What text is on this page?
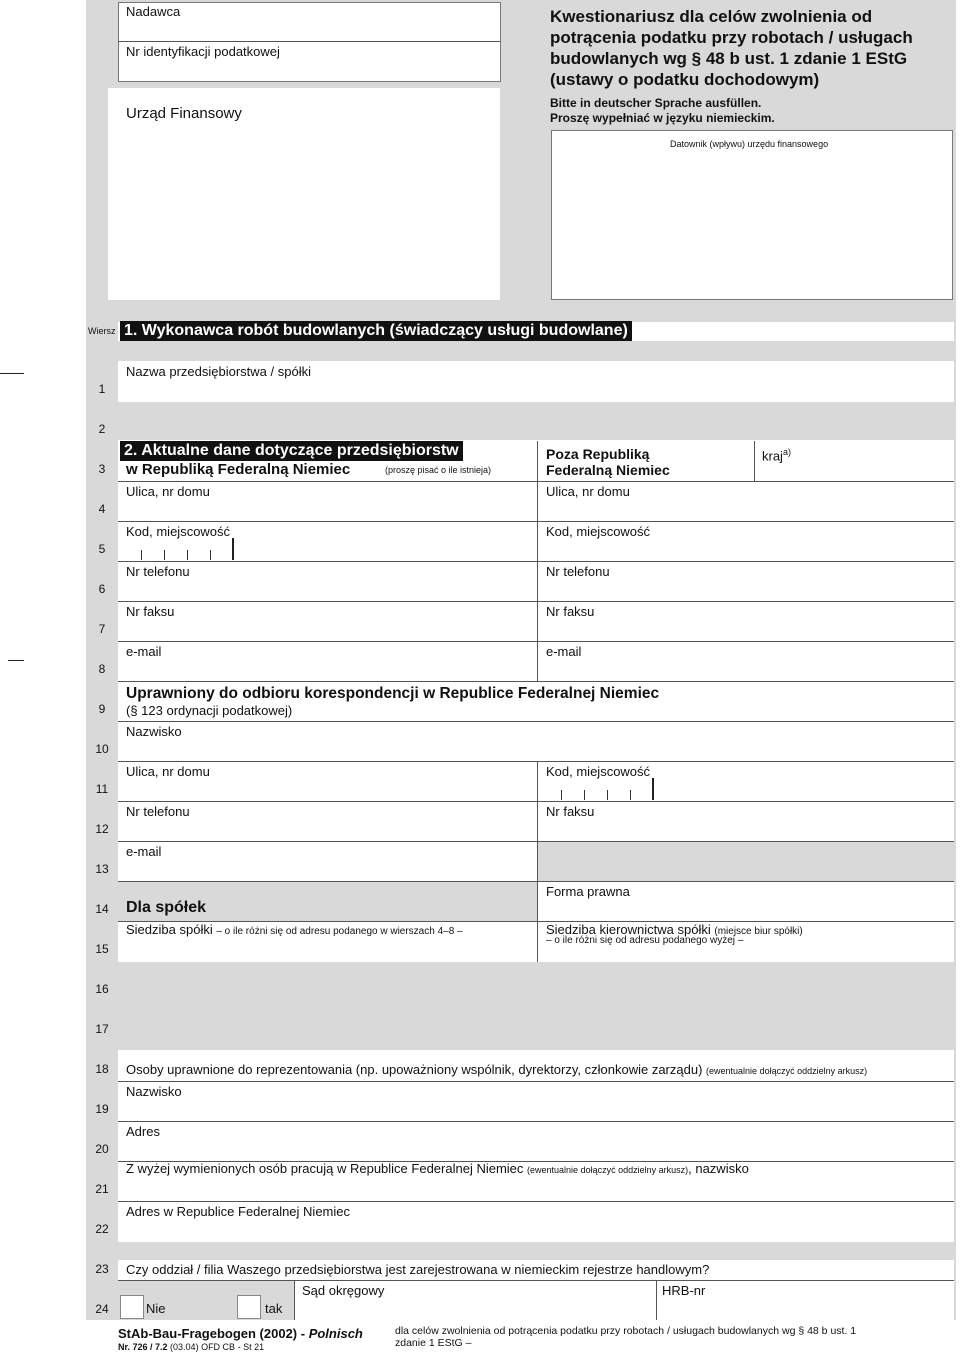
Nadawca
Nr identyfikacji podatkowej
Urząd Finansowy
Kwestionariusz dla celów zwolnienia od
potrącenia podatku przy robotach / usługach
budowlanych wg § 48 b ust. 1 zdanie 1 EStG
(ustawy o podatku dochodowym)
Bitte in deutscher Sprache ausfüllen.
Proszę wypełniać w języku niemieckim.
Datownik (wpływu) urzędu finansowego
Wiersz 1. Wykonawca robót budowlanych (świadczący usługi budowlane)
Nazwa przedsiębiorstwa / spółki
2. Aktualne dane dotyczące przedsiębiorstw
w Republiką Federalną Niemiec	(proszę pisać o ile istnieja)
Poza Republiką
Federalną Niemiec
kraj$^{a)}$
Ulica, nr domu	Ulica, nr domu
Kod, miejscowość	Kod, miejscowość
Nr telefonu	Nr telefonu
Nr faksu	Nr faksu
e-mail	e-mail
Uprawniony do odbioru korespondencji w Republice Federalnej Niemiec
(§ 123 ordynacji podatkowej)
Nazwisko
Ulica, nr domu	Kod, miejscowość
Nr telefonu	Nr faksu
e-mail
Dla spółek
Forma prawna
Siedziba spółki – o ile różni się od adresu podanego w wierszach 4–8 –	Siedziba kierownictwa spółki (miejsce biur spółki)
– o ile różni się od adresu podanego wyżej –
Osoby uprawnione do reprezentowania (np. upoważniony wspólnik, dyrektorzy, członkowie zarządu) (ewentualnie dołączyć oddzielny arkusz)
Nazwisko
Adres
Z wyżej wymienionych osób pracują w Republice Federalnej Niemiec (ewentualnie dołączyć oddzielny arkusz), nazwisko
Adres w Republice Federalnej Niemiec
Czy oddział / filia Waszego przedsiębiorstwa jest zarejestrowana w niemieckim rejestrze handlowym?
Nie	tak
Sąd okręgowy	HRB-nr
1
2
3
4
5
6
7
8
9
10
11
12
13
14
15
16
17
18
19
20
21
22
23
24
StAb-Bau-Fragebogen (2002) - Polnisch
Nr. 726 / 7.2 (03.04) OFD CB - St 21
dla celów zwolnienia od potrącenia podatku przy robotach / usługach budowlanych wg § 48 b ust. 1
zdanie 1 EStG –
